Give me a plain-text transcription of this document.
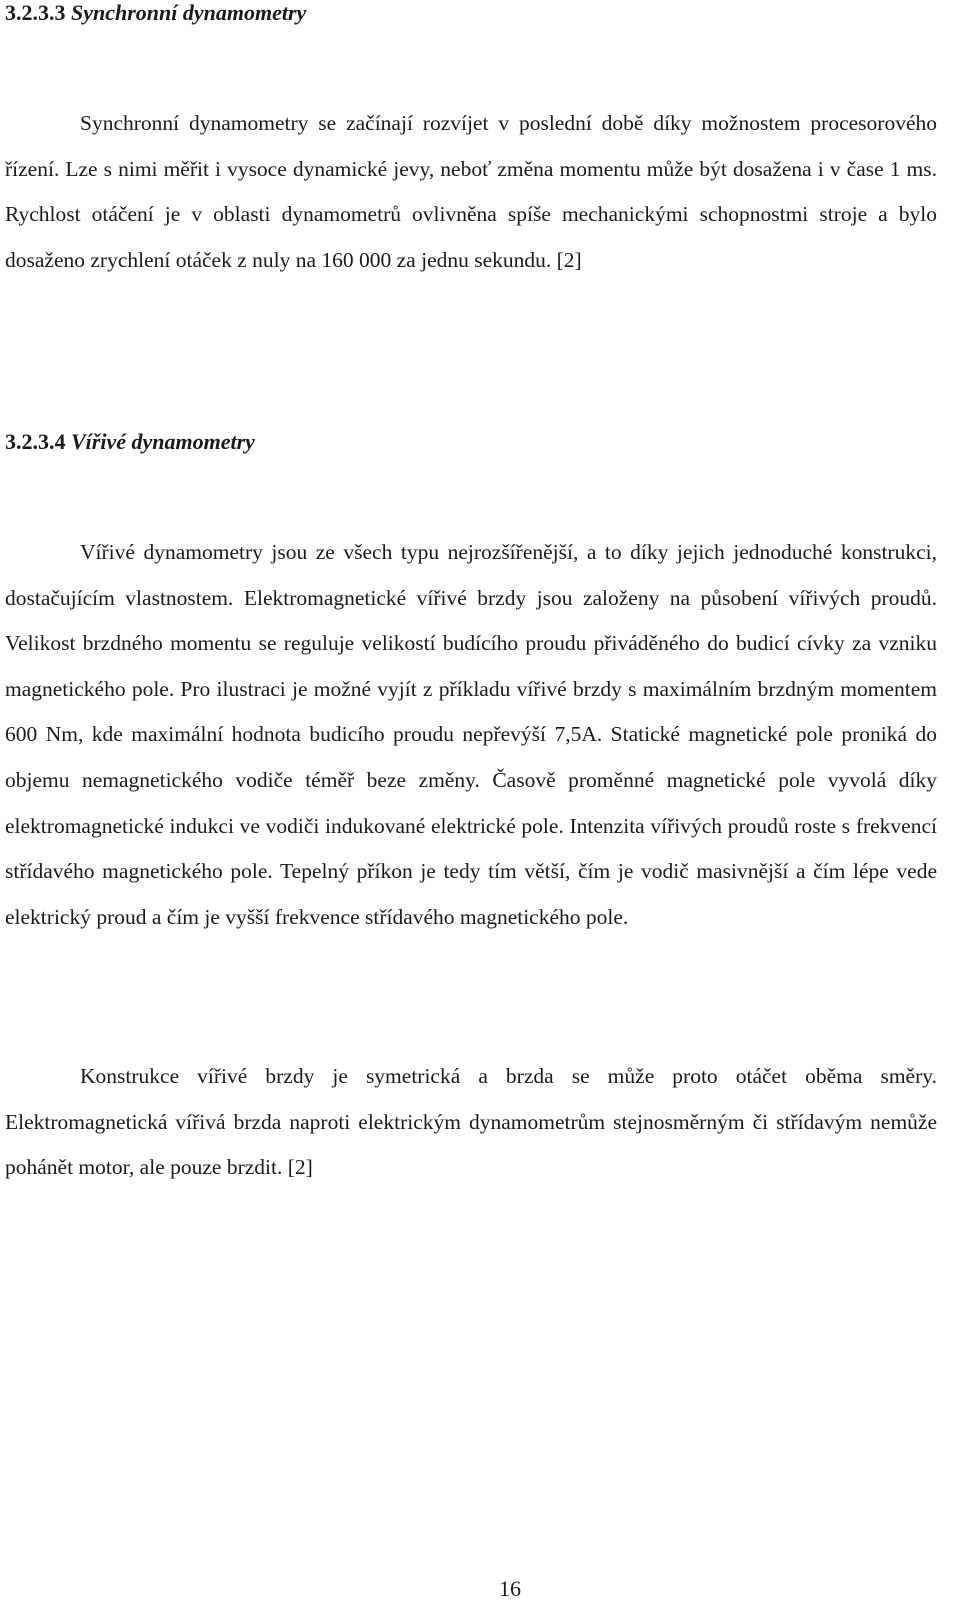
3.2.3.3 Synchronní dynamometry

Synchronní dynamometry se začínají rozvíjet v poslední době díky možnostem procesorového řízení. Lze s nimi měřit i vysoce dynamické jevy, neboť změna momentu může být dosažena i v čase 1 ms. Rychlost otáčení je v oblasti dynamometrů ovlivněna spíše mechanickými schopnostmi stroje a bylo dosaženo zrychlení otáček z nuly na 160 000 za jednu sekundu. [2]

3.2.3.4 Vířivé dynamometry

Vířivé dynamometry jsou ze všech typu nejrozšířenější, a to díky jejich jednoduché konstrukci, dostačujícím vlastnostem. Elektromagnetické vířivé brzdy jsou založeny na působení vířivých proudů. Velikost brzdného momentu se reguluje velikostí budícího proudu přiváděného do budicí cívky za vzniku magnetického pole. Pro ilustraci je možné vyjít z příkladu vířivé brzdy s maximálním brzdným momentem 600 Nm, kde maximální hodnota budicího proudu nepřevýší 7,5A. Statické magnetické pole proniká do objemu nemagnetického vodiče téměř beze změny. Časově proměnné magnetické pole vyvolá díky elektromagnetické indukci ve vodiči indukované elektrické pole. Intenzita vířivých proudů roste s frekvencí střídavého magnetického pole. Tepelný příkon je tedy tím větší, čím je vodič masivnější a čím lépe vede elektrický proud a čím je vyšší frekvence střídavého magnetického pole.

Konstrukce vířivé brzdy je symetrická a brzda se může proto otáčet oběma směry. Elektromagnetická vířivá brzda naproti elektrickým dynamometrům stejnosměrným či střídavým nemůže pohánět motor, ale pouze brzdit. [2]

16
